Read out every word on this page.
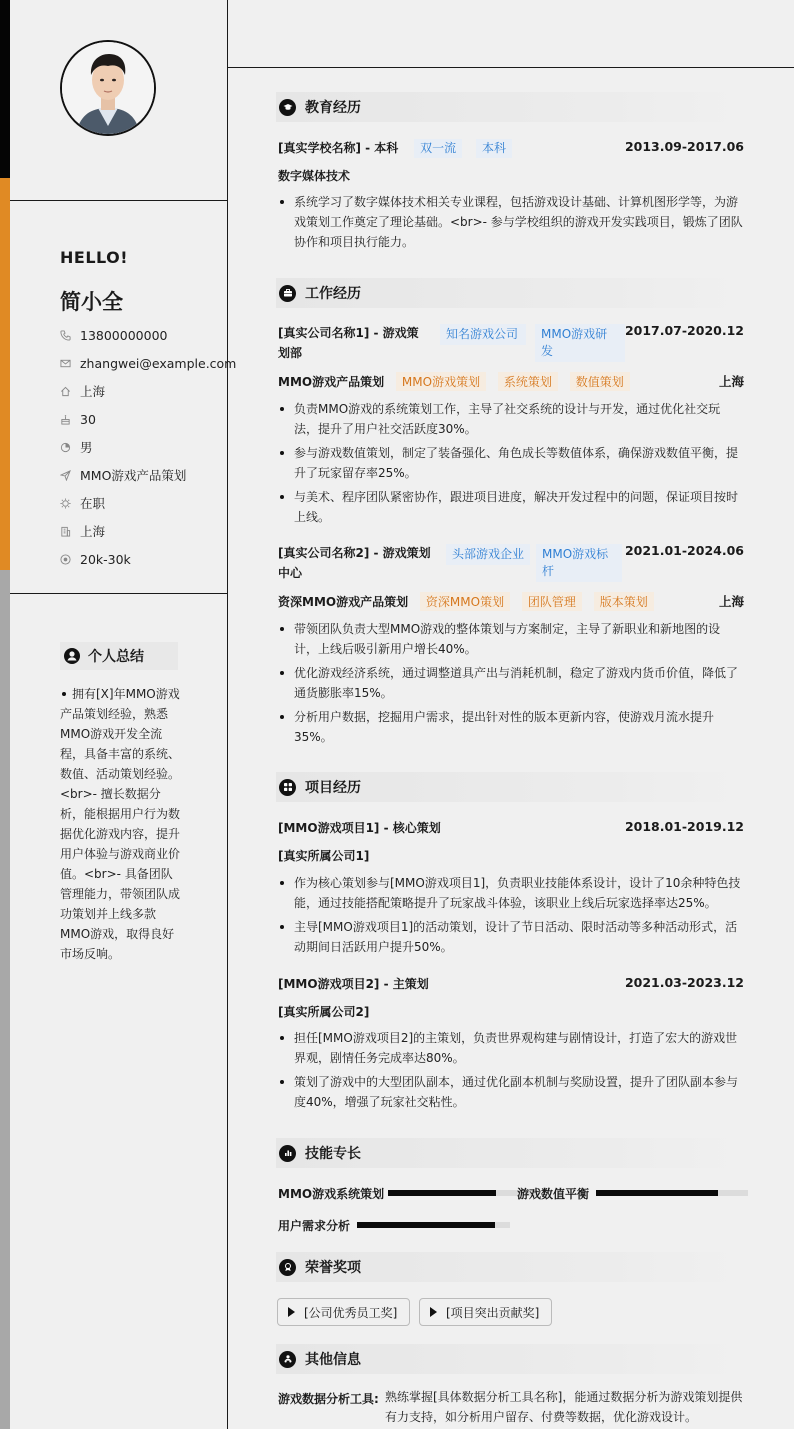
HELLO!
简小全
13800000000
zhangwei@example.com
上海
30
男
MMO游戏产品策划
在职
上海
20k-30k
个人总结
拥有[X]年MMO游戏产品策划经验，熟悉MMO游戏开发全流程，具备丰富的系统、数值、活动策划经验。<br>- 擅长数据分析，能根据用户行为数据优化游戏内容，提升用户体验与游戏商业价值。<br>- 具备团队管理能力，带领团队成功策划并上线多款MMO游戏，取得良好市场反响。
教育经历
[真实学校名称] - 本科 双一流 本科	2013.09-2017.06
数字媒体技术
系统学习了数字媒体技术相关专业课程，包括游戏设计基础、计算机图形学等，为游戏策划工作奠定了理论基础。<br>- 参与学校组织的游戏开发实践项目，锻炼了团队协作和项目执行能力。
工作经历
[真实公司名称1] - 游戏策划部
知名游戏公司	MMO游戏研发
2017.07-2020.12
MMO游戏产品策划 MMO游戏策划 系统策划 数值策划	上海
负责MMO游戏的系统策划工作，主导了社交系统的设计与开发，通过优化社交玩法，提升了用户社交活跃度30%。
参与游戏数值策划，制定了装备强化、角色成长等数值体系，确保游戏数值平衡，提升了玩家留存率25%。
与美术、程序团队紧密协作，跟进项目进度，解决开发过程中的问题，保证项目按时上线。
[真实公司名称2] - 游戏策划中心
头部游戏企业	MMO游戏标杆
2021.01-2024.06
资深MMO游戏产品策划 资深MMO策划 团队管理 版本策划	上海
带领团队负责大型MMO游戏的整体策划与方案制定，主导了新职业和新地图的设计，上线后吸引新用户增长40%。
优化游戏经济系统，通过调整道具产出与消耗机制，稳定了游戏内货币价值，降低了通货膨胀率15%。
分析用户数据，挖掘用户需求，提出针对性的版本更新内容，使游戏月流水提升35%。
项目经历
[MMO游戏项目1] - 核心策划	2018.01-2019.12
[真实所属公司1]
作为核心策划参与[MMO游戏项目1]，负责职业技能体系设计，设计了10余种特色技能，通过技能搭配策略提升了玩家战斗体验，该职业上线后玩家选择率达25%。
主导[MMO游戏项目1]的活动策划，设计了节日活动、限时活动等多种活动形式，活动期间日活跃用户提升50%。
[MMO游戏项目2] - 主策划	2021.03-2023.12
[真实所属公司2]
担任[MMO游戏项目2]的主策划，负责世界观构建与剧情设计，打造了宏大的游戏世界观，剧情任务完成率达80%。
策划了游戏中的大型团队副本，通过优化副本机制与奖励设置，提升了团队副本参与度40%，增强了玩家社交粘性。
技能专长
MMO游戏系统策划	游戏数值平衡
用户需求分析
荣誉奖项
[公司优秀员工奖]	[项目突出贡献奖]
其他信息
游戏数据分析工具: 熟练掌握[具体数据分析工具名称]，能通过数据分析为游戏策划提供有力支持，如分析用户留存、付费等数据，优化游戏设计。
